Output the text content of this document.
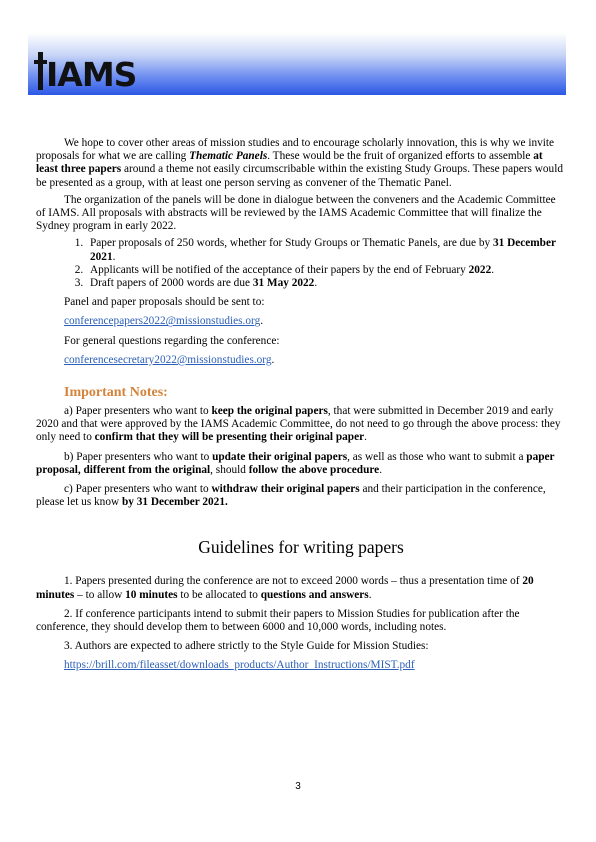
IAMS

We hope to cover other areas of mission studies and to encourage scholarly innovation, this is why we invite proposals for what we are calling Thematic Panels. These would be the fruit of organized efforts to assemble at least three papers around a theme not easily circumscribable within the existing Study Groups. These papers would be presented as a group, with at least one person serving as convener of the Thematic Panel.

The organization of the panels will be done in dialogue between the conveners and the Academic Committee of IAMS. All proposals with abstracts will be reviewed by the IAMS Academic Committee that will finalize the Sydney program in early 2022.

1. Paper proposals of 250 words, whether for Study Groups or Thematic Panels, are due by 31 December 2021.
2. Applicants will be notified of the acceptance of their papers by the end of February 2022.
3. Draft papers of 2000 words are due 31 May 2022.

Panel and paper proposals should be sent to:

conferencepapers2022@missionstudies.org.

For general questions regarding the conference:

conferencesecretary2022@missionstudies.org.

Important Notes:

a) Paper presenters who want to keep the original papers, that were submitted in December 2019 and early 2020 and that were approved by the IAMS Academic Committee, do not need to go through the above process: they only need to confirm that they will be presenting their original paper.

b) Paper presenters who want to update their original papers, as well as those who want to submit a paper proposal, different from the original, should follow the above procedure.

c) Paper presenters who want to withdraw their original papers and their participation in the conference, please let us know by 31 December 2021.

Guidelines for writing papers

1. Papers presented during the conference are not to exceed 2000 words – thus a presentation time of 20 minutes – to allow 10 minutes to be allocated to questions and answers.

2. If conference participants intend to submit their papers to Mission Studies for publication after the conference, they should develop them to between 6000 and 10,000 words, including notes.

3. Authors are expected to adhere strictly to the Style Guide for Mission Studies:

https://brill.com/fileasset/downloads_products/Author_Instructions/MIST.pdf

3
